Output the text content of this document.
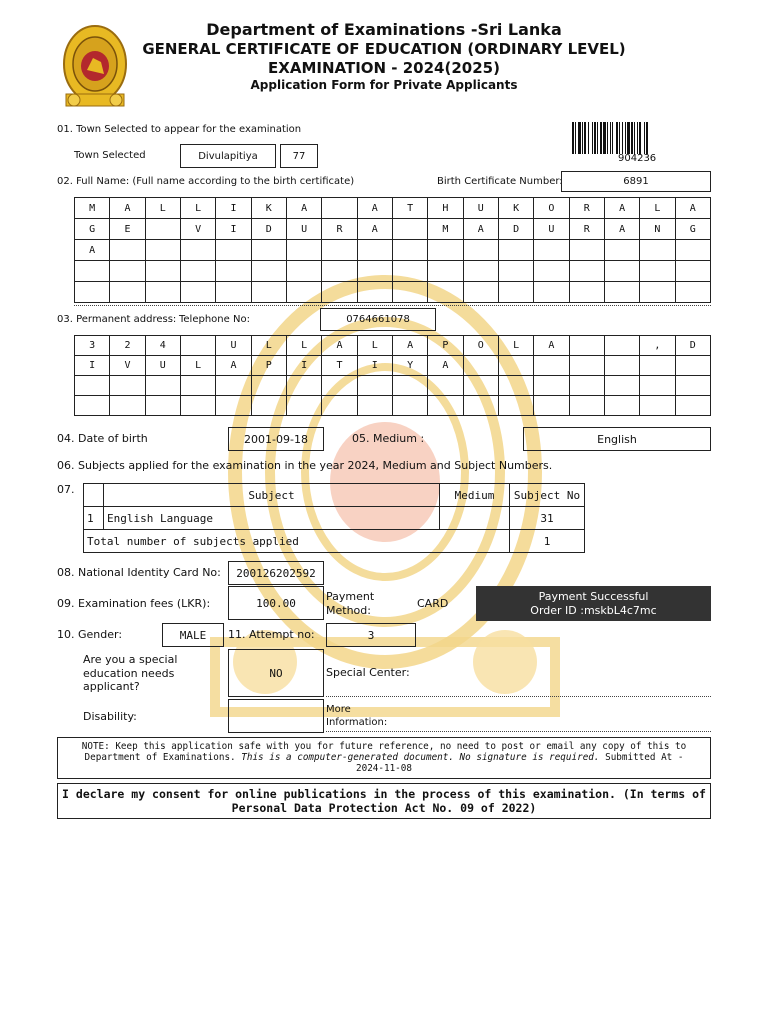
Department of Examinations -Sri Lanka
GENERAL CERTIFICATE OF EDUCATION (ORDINARY LEVEL)
EXAMINATION - 2024(2025)
Application Form for Private Applicants
904236
01. Town Selected to appear for the examination
Town Selected	Divulapitiya	77
02. Full Name: (Full name according to the birth certificate)	Birth Certificate Number:	6891
M	A	L	L	I	K	A		A	T	H	U	K	O	R	A	L	A
G	E		V	I	D	U	R	A		M	A	D	U	R	A	N	G
A																	

03. Permanent address: Telephone No:	0764661078
3	2	4		U	L	L	A	L	A	P	O	L	A			,	D
I	V	U	L	A	P	I	T	I	Y	A							

04. Date of birth	2001-09-18	05. Medium :	English
06. Subjects applied for the examination in the year 2024, Medium and Subject Numbers.
07.
		Subject	Medium	Subject No
1	English Language		31
Total number of subjects applied			1
08. National Identity Card No:	200126202592
09. Examination fees (LKR):	100.00	Payment
Method:
CARD
Payment Successful
Order ID :mskbL4c7mc
10. Gender:	MALE	11. Attempt no:	3
Are you a special
education needs
applicant?
NO	Special Center:
Disability:
More
Information:
NOTE: Keep this application safe with you for future reference, no need to post or email any copy of this to
Department of Examinations. This is a computer-generated document. No signature is required. Submitted At -
2024-11-08
I declare my consent for online publications in the process of this examination. (In terms of
Personal Data Protection Act No. 09 of 2022)
